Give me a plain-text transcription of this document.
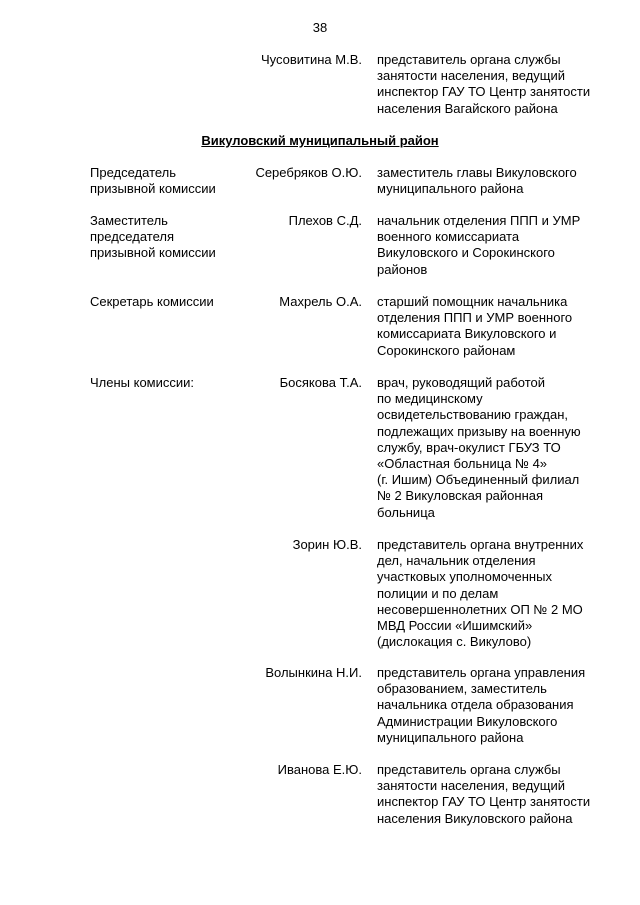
38
Чусовитина М.В. представитель органа службы
занятости населения, ведущий
инспектор ГАУ ТО Центр занятости
населения Вагайского района
Викуловский муниципальный район
Председатель
призывной комиссии
Серебряков О.Ю. заместитель главы Викуловского
муниципального района
Заместитель
председателя
призывной комиссии
Плехов С.Д. начальник отделения ППП и УМР
военного комиссариата
Викуловского и Сорокинского
районов
Секретарь комиссии	Махрель О.А. старший помощник начальника
отделения ППП и УМР военного
комиссариата Викуловского и
Сорокинского районам
Члены комиссии:	Босякова Т.А. врач, руководящий работой
по медицинскому
освидетельствованию граждан,
подлежащих призыву на военную
службу, врач-окулист ГБУЗ ТО
«Областная больница № 4»
(г. Ишим) Объединенный филиал
№ 2 Викуловская районная
больница
Зорин Ю.В. представитель органа внутренних
дел, начальник отделения
участковых уполномоченных
полиции и по делам
несовершеннолетних ОП № 2 МО
МВД России «Ишимский»
(дислокация с. Викулово)
Волынкина Н.И. представитель органа управления
образованием, заместитель
начальника отдела образования
Администрации Викуловского
муниципального района
Иванова Е.Ю. представитель органа службы
занятости населения, ведущий
инспектор ГАУ ТО Центр занятости
населения Викуловского района
